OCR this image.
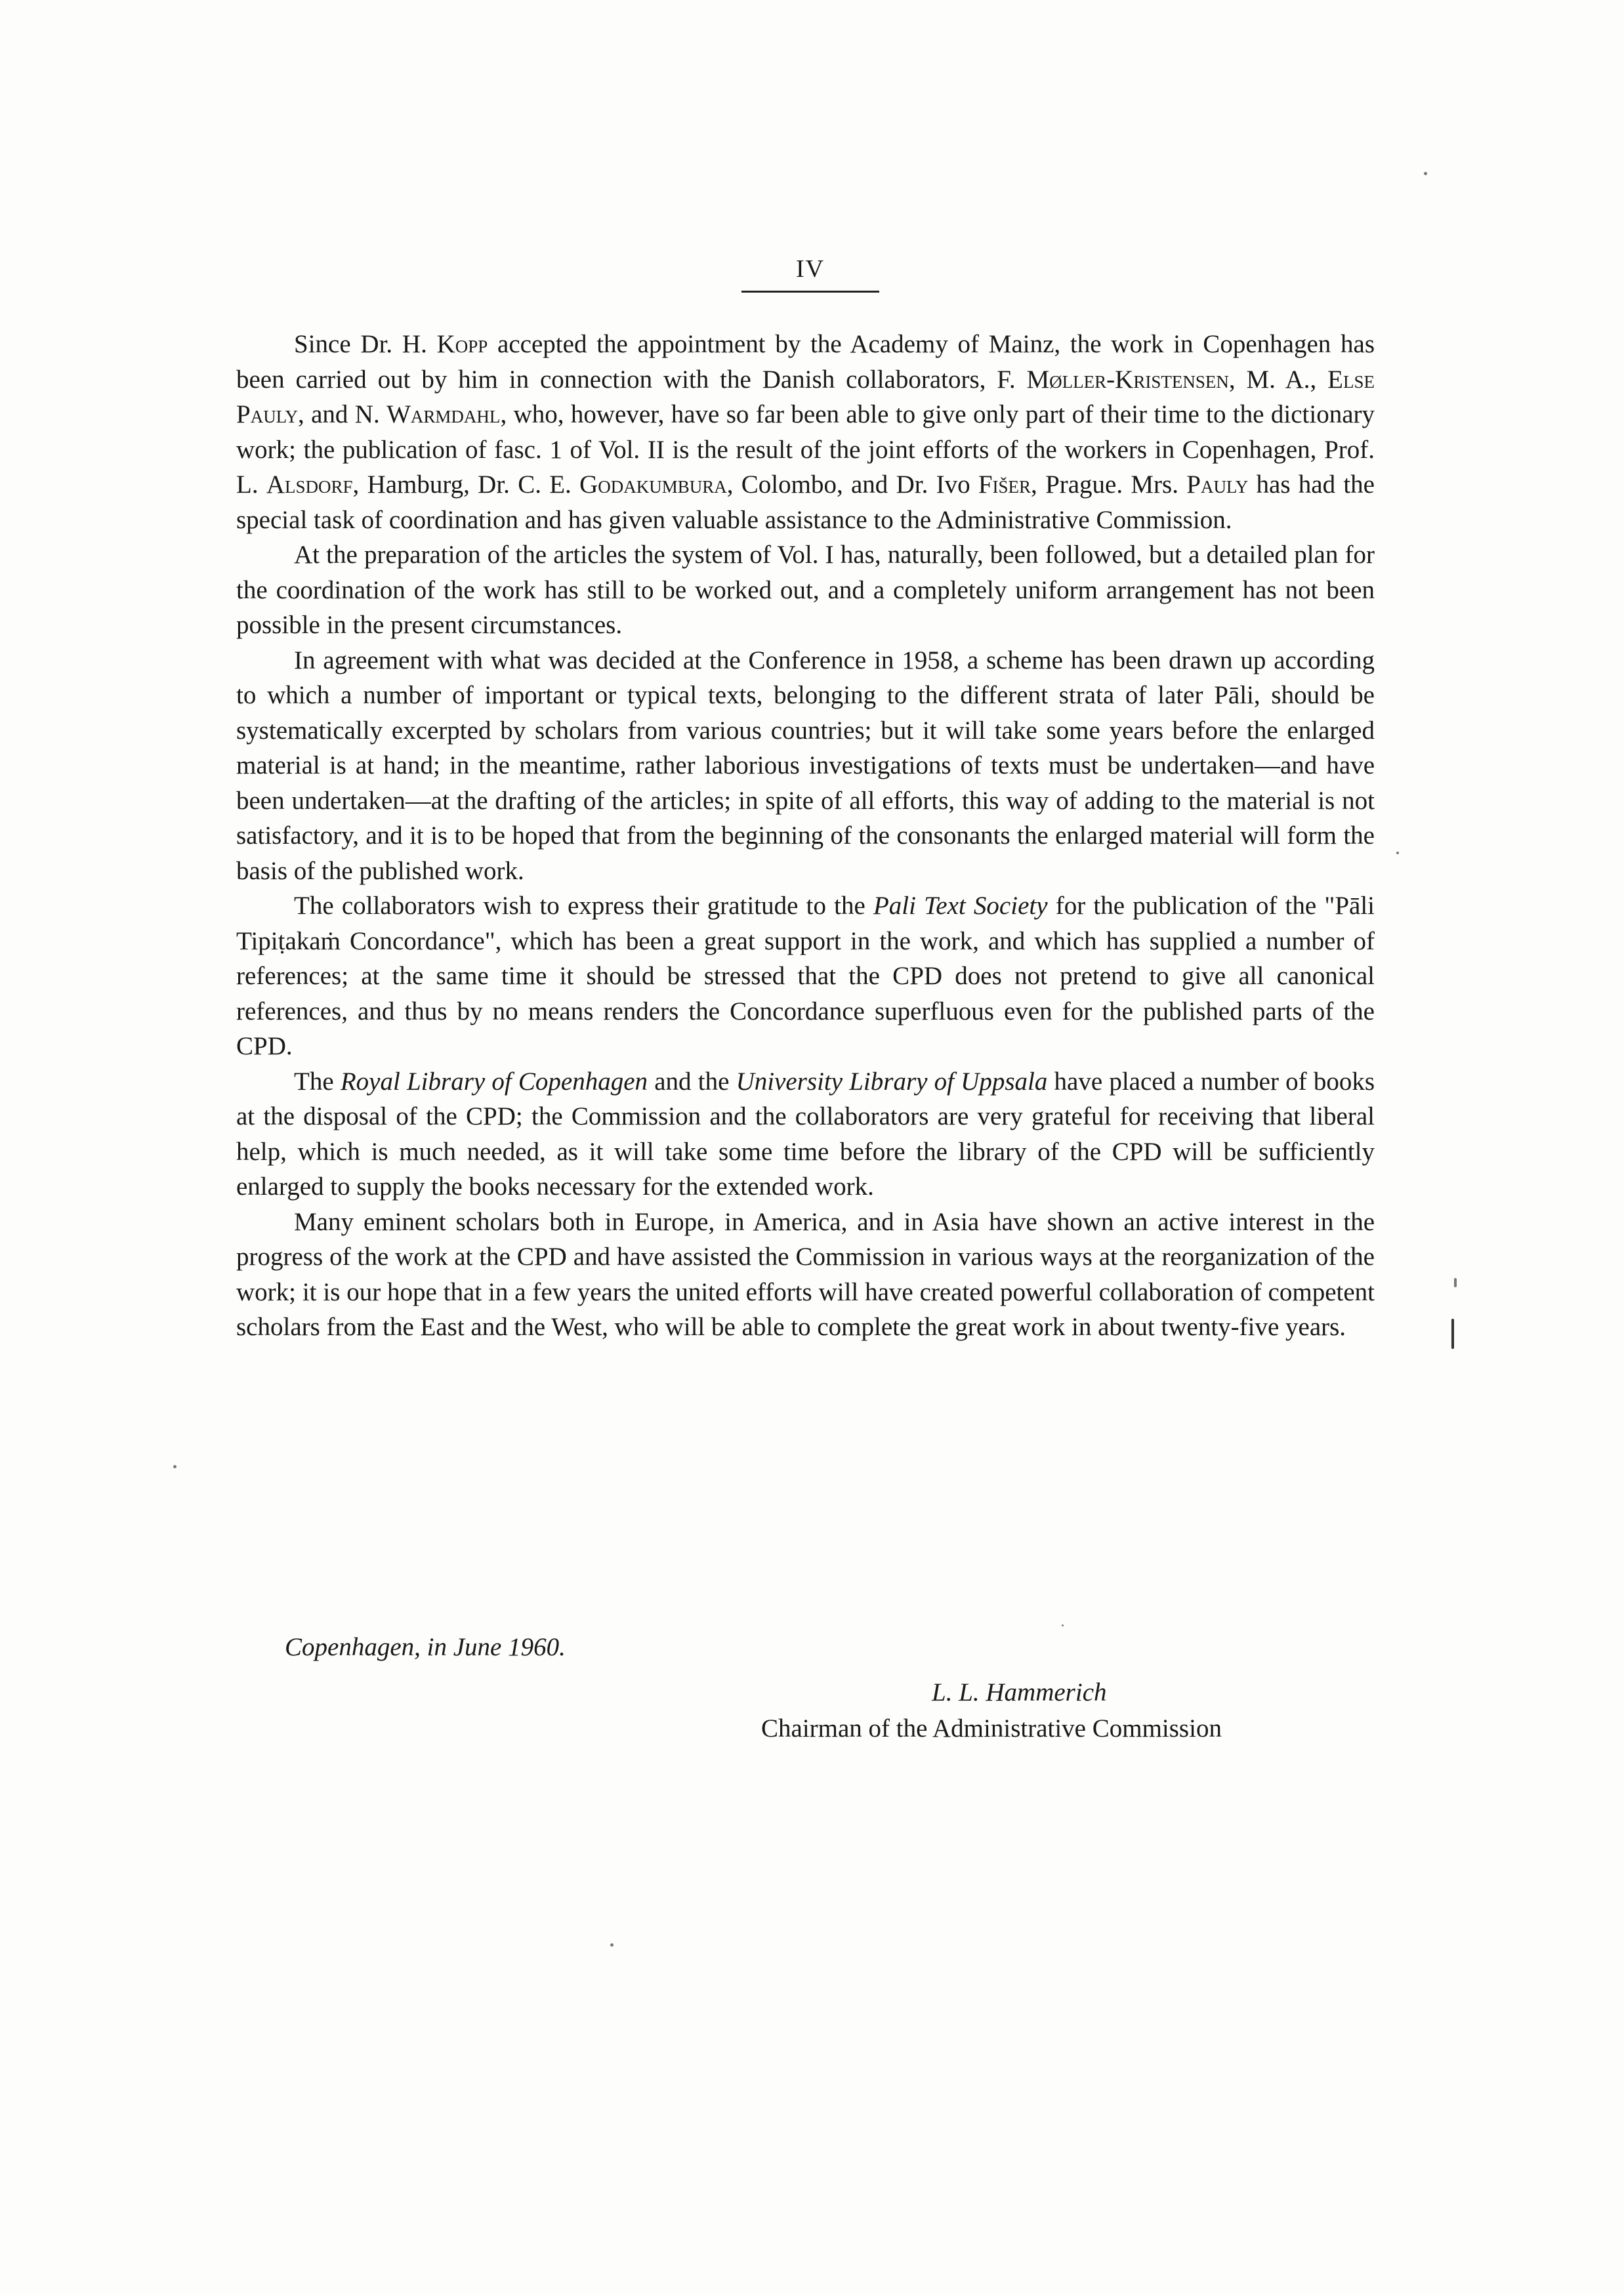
IV

Since Dr. H. Kopp accepted the appointment by the Academy of Mainz, the work in Copenhagen has been carried out by him in connection with the Danish collaborators, F. Møller-Kristensen, M. A., Else Pauly, and N. Warmdahl, who, however, have so far been able to give only part of their time to the dictionary work; the publication of fasc. 1 of Vol. II is the result of the joint efforts of the workers in Copenhagen, Prof. L. Alsdorf, Hamburg, Dr. C. E. Godakumbura, Colombo, and Dr. Ivo Fišer, Prague. Mrs. Pauly has had the special task of coordination and has given valuable assistance to the Administrative Commission.

At the preparation of the articles the system of Vol. I has, naturally, been followed, but a detailed plan for the coordination of the work has still to be worked out, and a completely uniform arrangement has not been possible in the present circumstances.

In agreement with what was decided at the Conference in 1958, a scheme has been drawn up according to which a number of important or typical texts, belonging to the different strata of later Pāli, should be systematically excerpted by scholars from various countries; but it will take some years before the enlarged material is at hand; in the meantime, rather laborious investigations of texts must be undertaken—and have been undertaken—at the drafting of the articles; in spite of all efforts, this way of adding to the material is not satisfactory, and it is to be hoped that from the beginning of the consonants the enlarged material will form the basis of the published work.

The collaborators wish to express their gratitude to the Pali Text Society for the publication of the "Pāli Tipiṭakaṁ Concordance", which has been a great support in the work, and which has supplied a number of references; at the same time it should be stressed that the CPD does not pretend to give all canonical references, and thus by no means renders the Concordance superfluous even for the published parts of the CPD.

The Royal Library of Copenhagen and the University Library of Uppsala have placed a number of books at the disposal of the CPD; the Commission and the collaborators are very grateful for receiving that liberal help, which is much needed, as it will take some time before the library of the CPD will be sufficiently enlarged to supply the books necessary for the extended work.

Many eminent scholars both in Europe, in America, and in Asia have shown an active interest in the progress of the work at the CPD and have assisted the Commission in various ways at the reorganization of the work; it is our hope that in a few years the united efforts will have created powerful collaboration of competent scholars from the East and the West, who will be able to complete the great work in about twenty-five years.

Copenhagen, in June 1960.
L. L. Hammerich
Chairman of the Administrative Commission
